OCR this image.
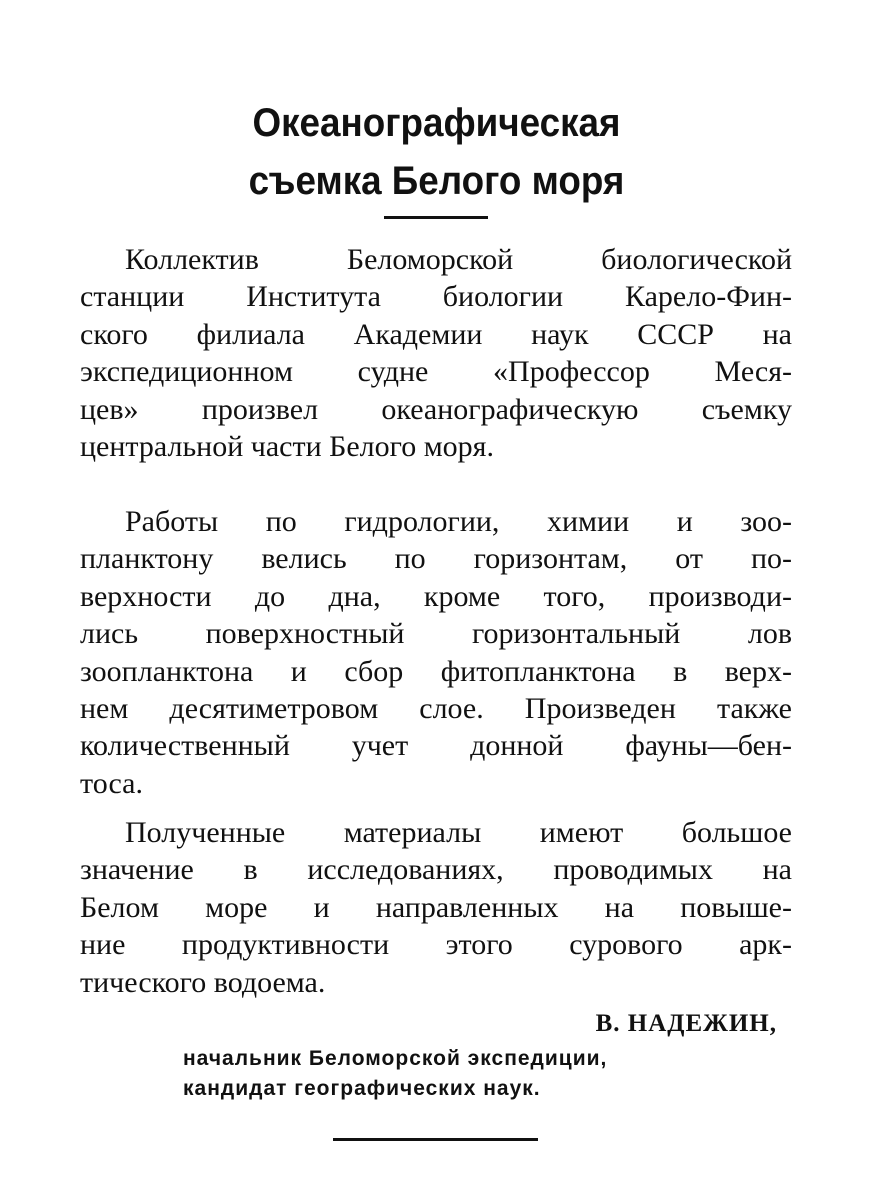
Океанографическая
съемка Белого моря

Коллектив Беломорской биологической
станции Института биологии Карело-Фин-
ского филиала Академии наук СССР на
экспедиционном судне «Профессор Меся-
цев» произвел океанографическую съемку
центральной части Белого моря.

Работы по гидрологии, химии и зоо-
планктону велись по горизонтам, от по-
верхности до дна, кроме того, производи-
лись поверхностный горизонтальный лов
зоопланктона и сбор фитопланктона в верх-
нем десятиметровом слое. Произведен также
количественный учет донной фауны—бен-
тоса.

Полученные материалы имеют большое
значение в исследованиях, проводимых на
Белом море и направленных на повыше-
ние продуктивности этого сурового арк-
тического водоема.

В. НАДЕЖИН,

начальник Беломорской экспедиции,

кандидат географических наук.
